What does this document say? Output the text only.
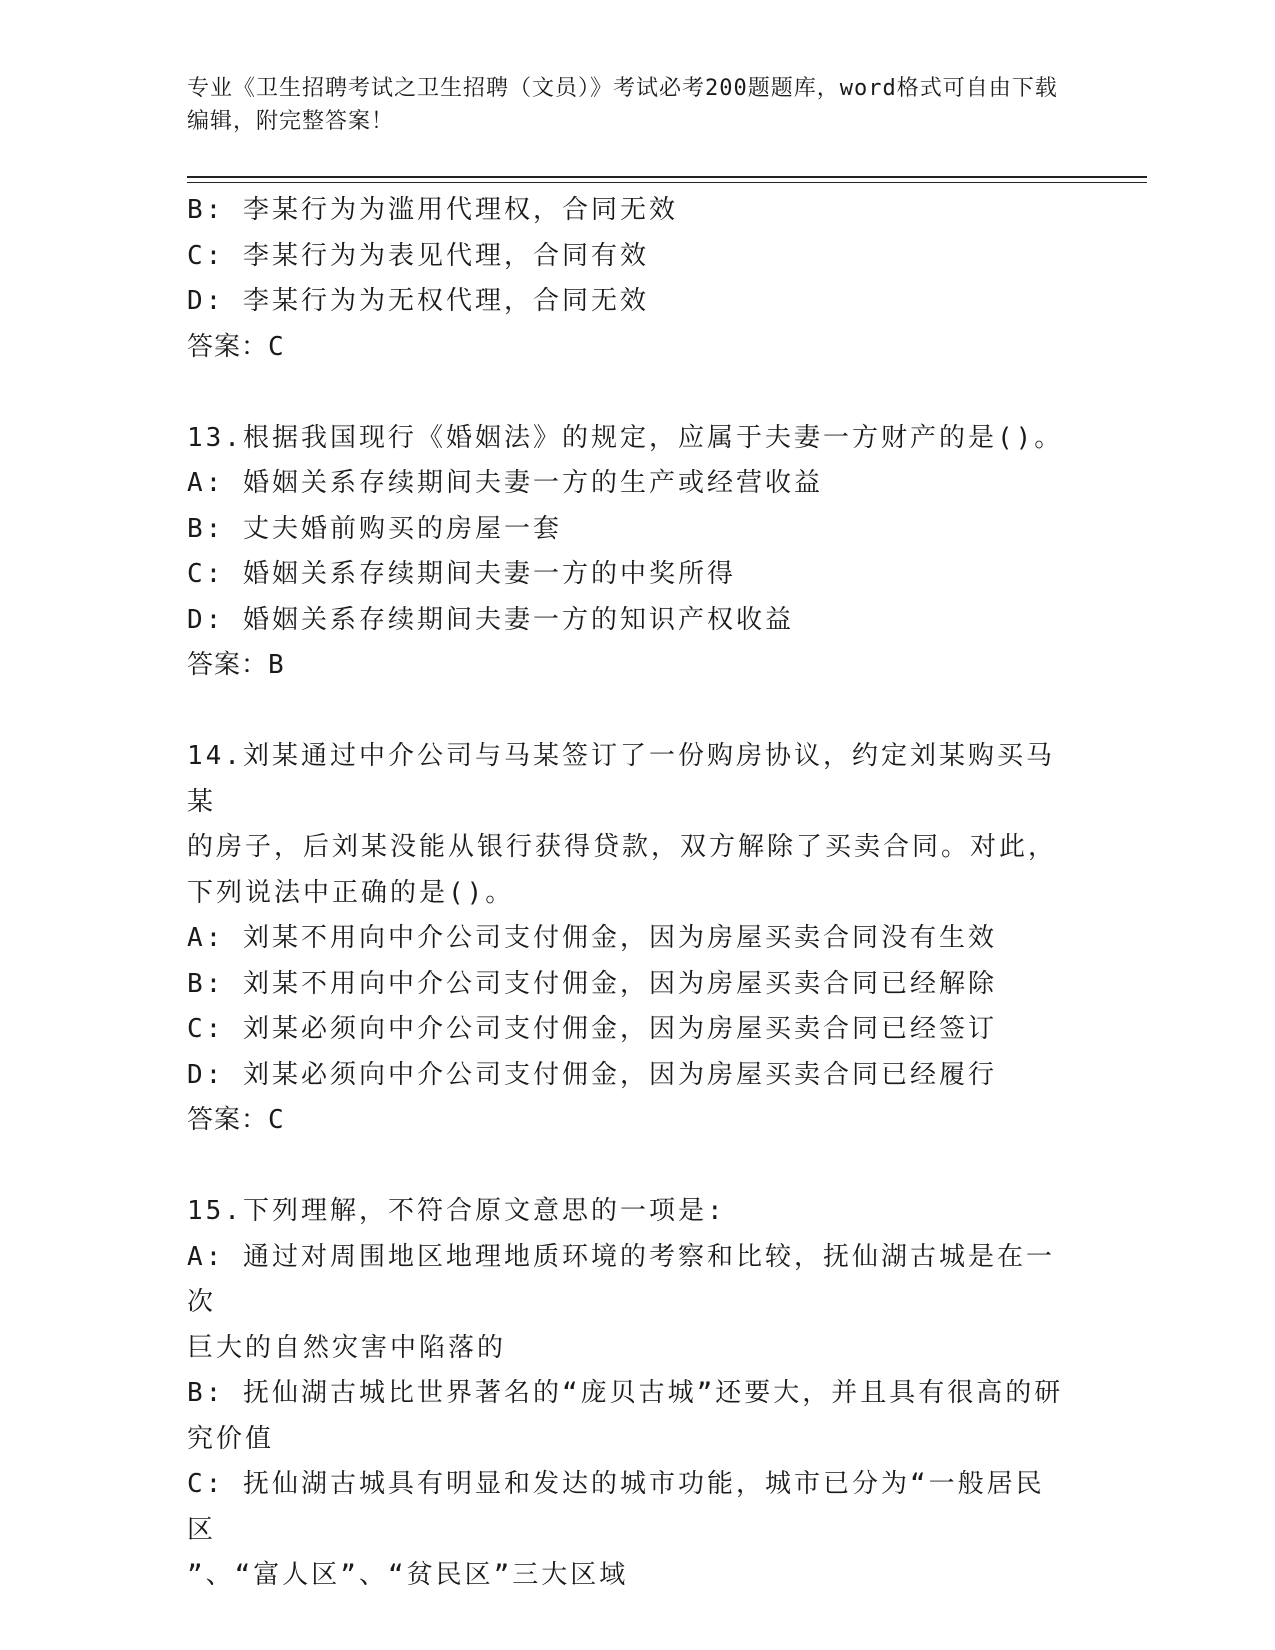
专业《卫生招聘考试之卫生招聘（文员）》考试必考200题题库，word格式可自由下载编辑，附完整答案！

B: 李某行为为滥用代理权，合同无效

C: 李某行为为表见代理，合同有效

D: 李某行为为无权代理，合同无效

答案：C

13.根据我国现行《婚姻法》的规定，应属于夫妻一方财产的是()。

A: 婚姻关系存续期间夫妻一方的生产或经营收益

B: 丈夫婚前购买的房屋一套

C: 婚姻关系存续期间夫妻一方的中奖所得

D: 婚姻关系存续期间夫妻一方的知识产权收益

答案：B

14.刘某通过中介公司与马某签订了一份购房协议，约定刘某购买马某

的房子，后刘某没能从银行获得贷款，双方解除了买卖合同。对此，

下列说法中正确的是()。

A: 刘某不用向中介公司支付佣金，因为房屋买卖合同没有生效

B: 刘某不用向中介公司支付佣金，因为房屋买卖合同已经解除

C: 刘某必须向中介公司支付佣金，因为房屋买卖合同已经签订

D: 刘某必须向中介公司支付佣金，因为房屋买卖合同已经履行

答案：C

15.下列理解，不符合原文意思的一项是:

A: 通过对周围地区地理地质环境的考察和比较，抚仙湖古城是在一次

巨大的自然灾害中陷落的

B: 抚仙湖古城比世界著名的“庞贝古城”还要大，并且具有很高的研

究价值

C: 抚仙湖古城具有明显和发达的城市功能，城市已分为“一般居民区

”、“富人区”、“贫民区”三大区域
